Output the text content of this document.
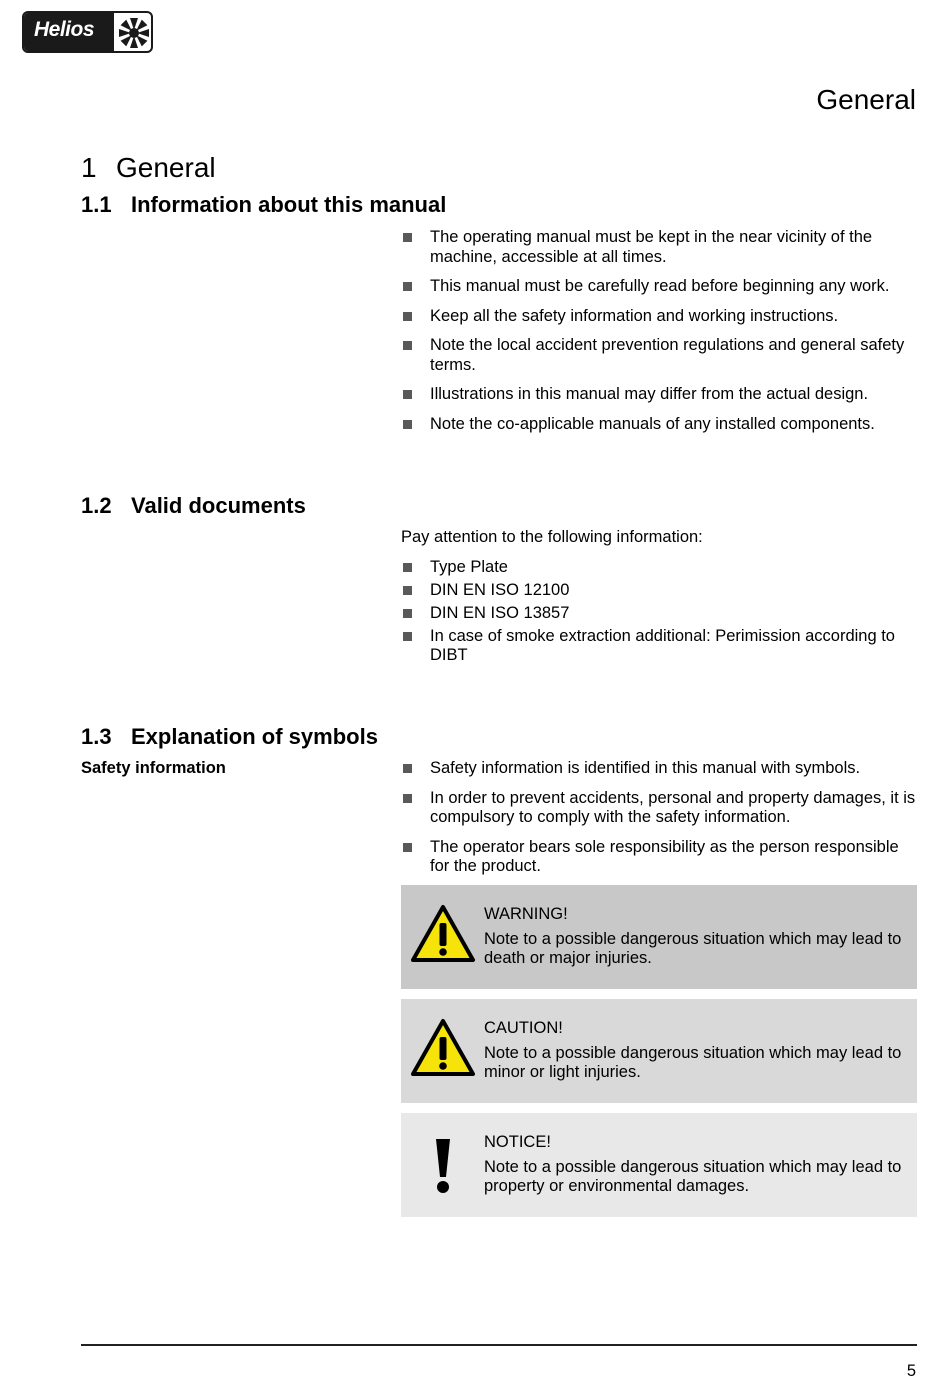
Helios
General
1 General
1.1 Information about this manual
The operating manual must be kept in the near vicinity of the machine, accessible at all times.
This manual must be carefully read before beginning any work.
Keep all the safety information and working instructions.
Note the local accident prevention regulations and general safety terms.
Illustrations in this manual may differ from the actual design.
Note the co-applicable manuals of any installed components.
1.2 Valid documents

Pay attention to the following information:

Type Plate
DIN EN ISO 12100
DIN EN ISO 13857
In case of smoke extraction additional: Perimission according to DIBT
1.3 Explanation of symbols
Safety information	Safety information is identified in this manual with symbols.
In order to prevent accidents, personal and property damages, it is compulsory to comply with the safety information.
The operator bears sole responsibility as the person responsible for the product.
WARNING!
Note to a possible dangerous situation which may lead to death or major injuries.
CAUTION!
Note to a possible dangerous situation which may lead to minor or light injuries.
NOTICE!
Note to a possible dangerous situation which may lead to property or environmental damages.
5
